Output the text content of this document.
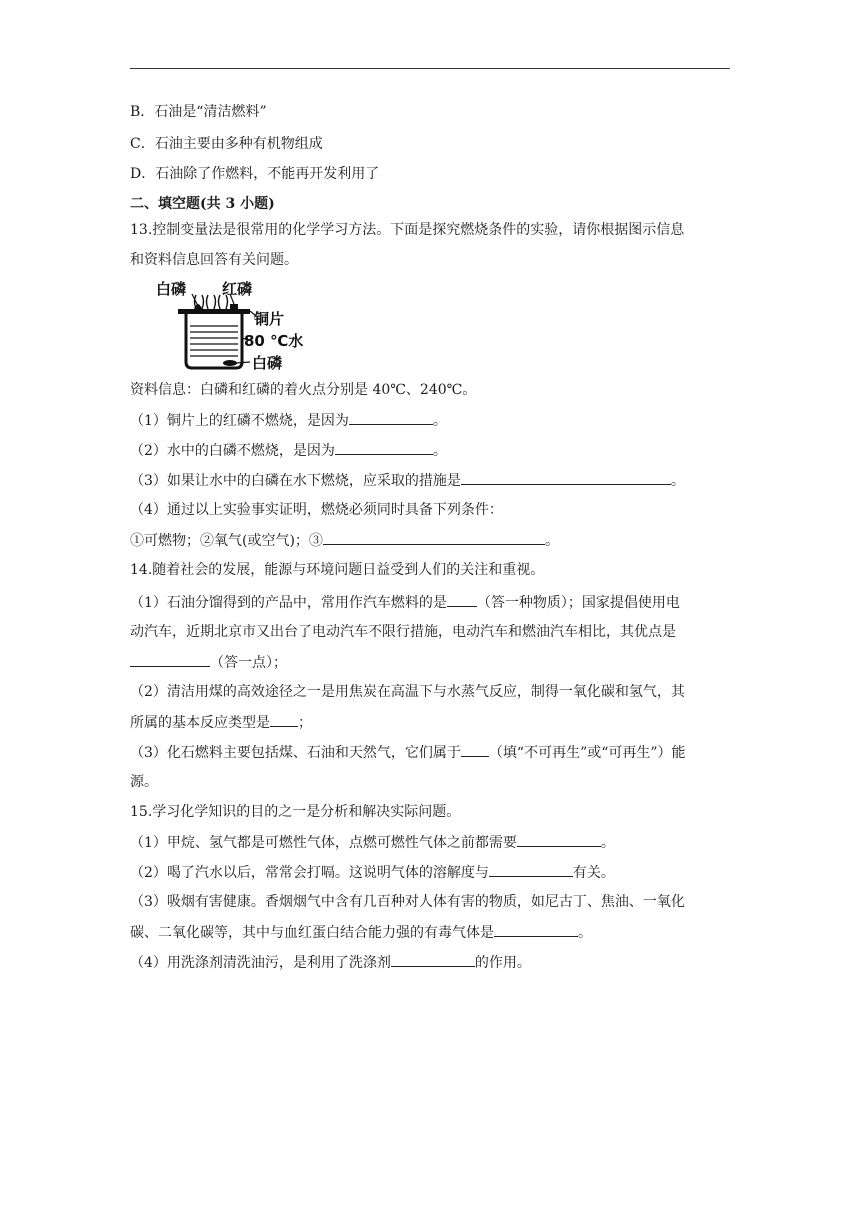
B．石油是“清洁燃料”
C．石油主要由多种有机物组成
D．石油除了作燃料，不能再开发利用了
二、填空题(共 3 小题)
13.控制变量法是很常用的化学学习方法。下面是探究燃烧条件的实验，请你根据图示信息
和资料信息回答有关问题。
白磷 红磷
铜片
80 ℃水
白磷
资料信息：白磷和红磷的着火点分别是 40℃、240℃。
（1）铜片上的红磷不燃烧，是因为	。
（2）水中的白磷不燃烧，是因为	。
（3）如果让水中的白磷在水下燃烧，应采取的措施是	。
（4）通过以上实验事实证明，燃烧必须同时具备下列条件：
①可燃物；②氧气(或空气)；③	。
14.随着社会的发展，能源与环境问题日益受到人们的关注和重视。
（1）石油分馏得到的产品中，常用作汽车燃料的是 （答一种物质）；国家提倡使用电
动汽车，近期北京市又出台了电动汽车不限行措施，电动汽车和燃油汽车相比，其优点是
（答一点）；
（2）清洁用煤的高效途径之一是用焦炭在高温下与水蒸气反应，制得一氧化碳和氢气，其
所属的基本反应类型是 ；
（3）化石燃料主要包括煤、石油和天然气，它们属于 （填“不可再生”或“可再生”）能
源。
15.学习化学知识的目的之一是分析和解决实际问题。
（1）甲烷、氢气都是可燃性气体，点燃可燃性气体之前都需要	。
（2）喝了汽水以后，常常会打嗝。这说明气体的溶解度与	有关。
（3）吸烟有害健康。香烟烟气中含有几百种对人体有害的物质，如尼古丁、焦油、一氧化
碳、二氧化碳等，其中与血红蛋白结合能力强的有毒气体是	。
（4）用洗涤剂清洗油污，是利用了洗涤剂	的作用。
